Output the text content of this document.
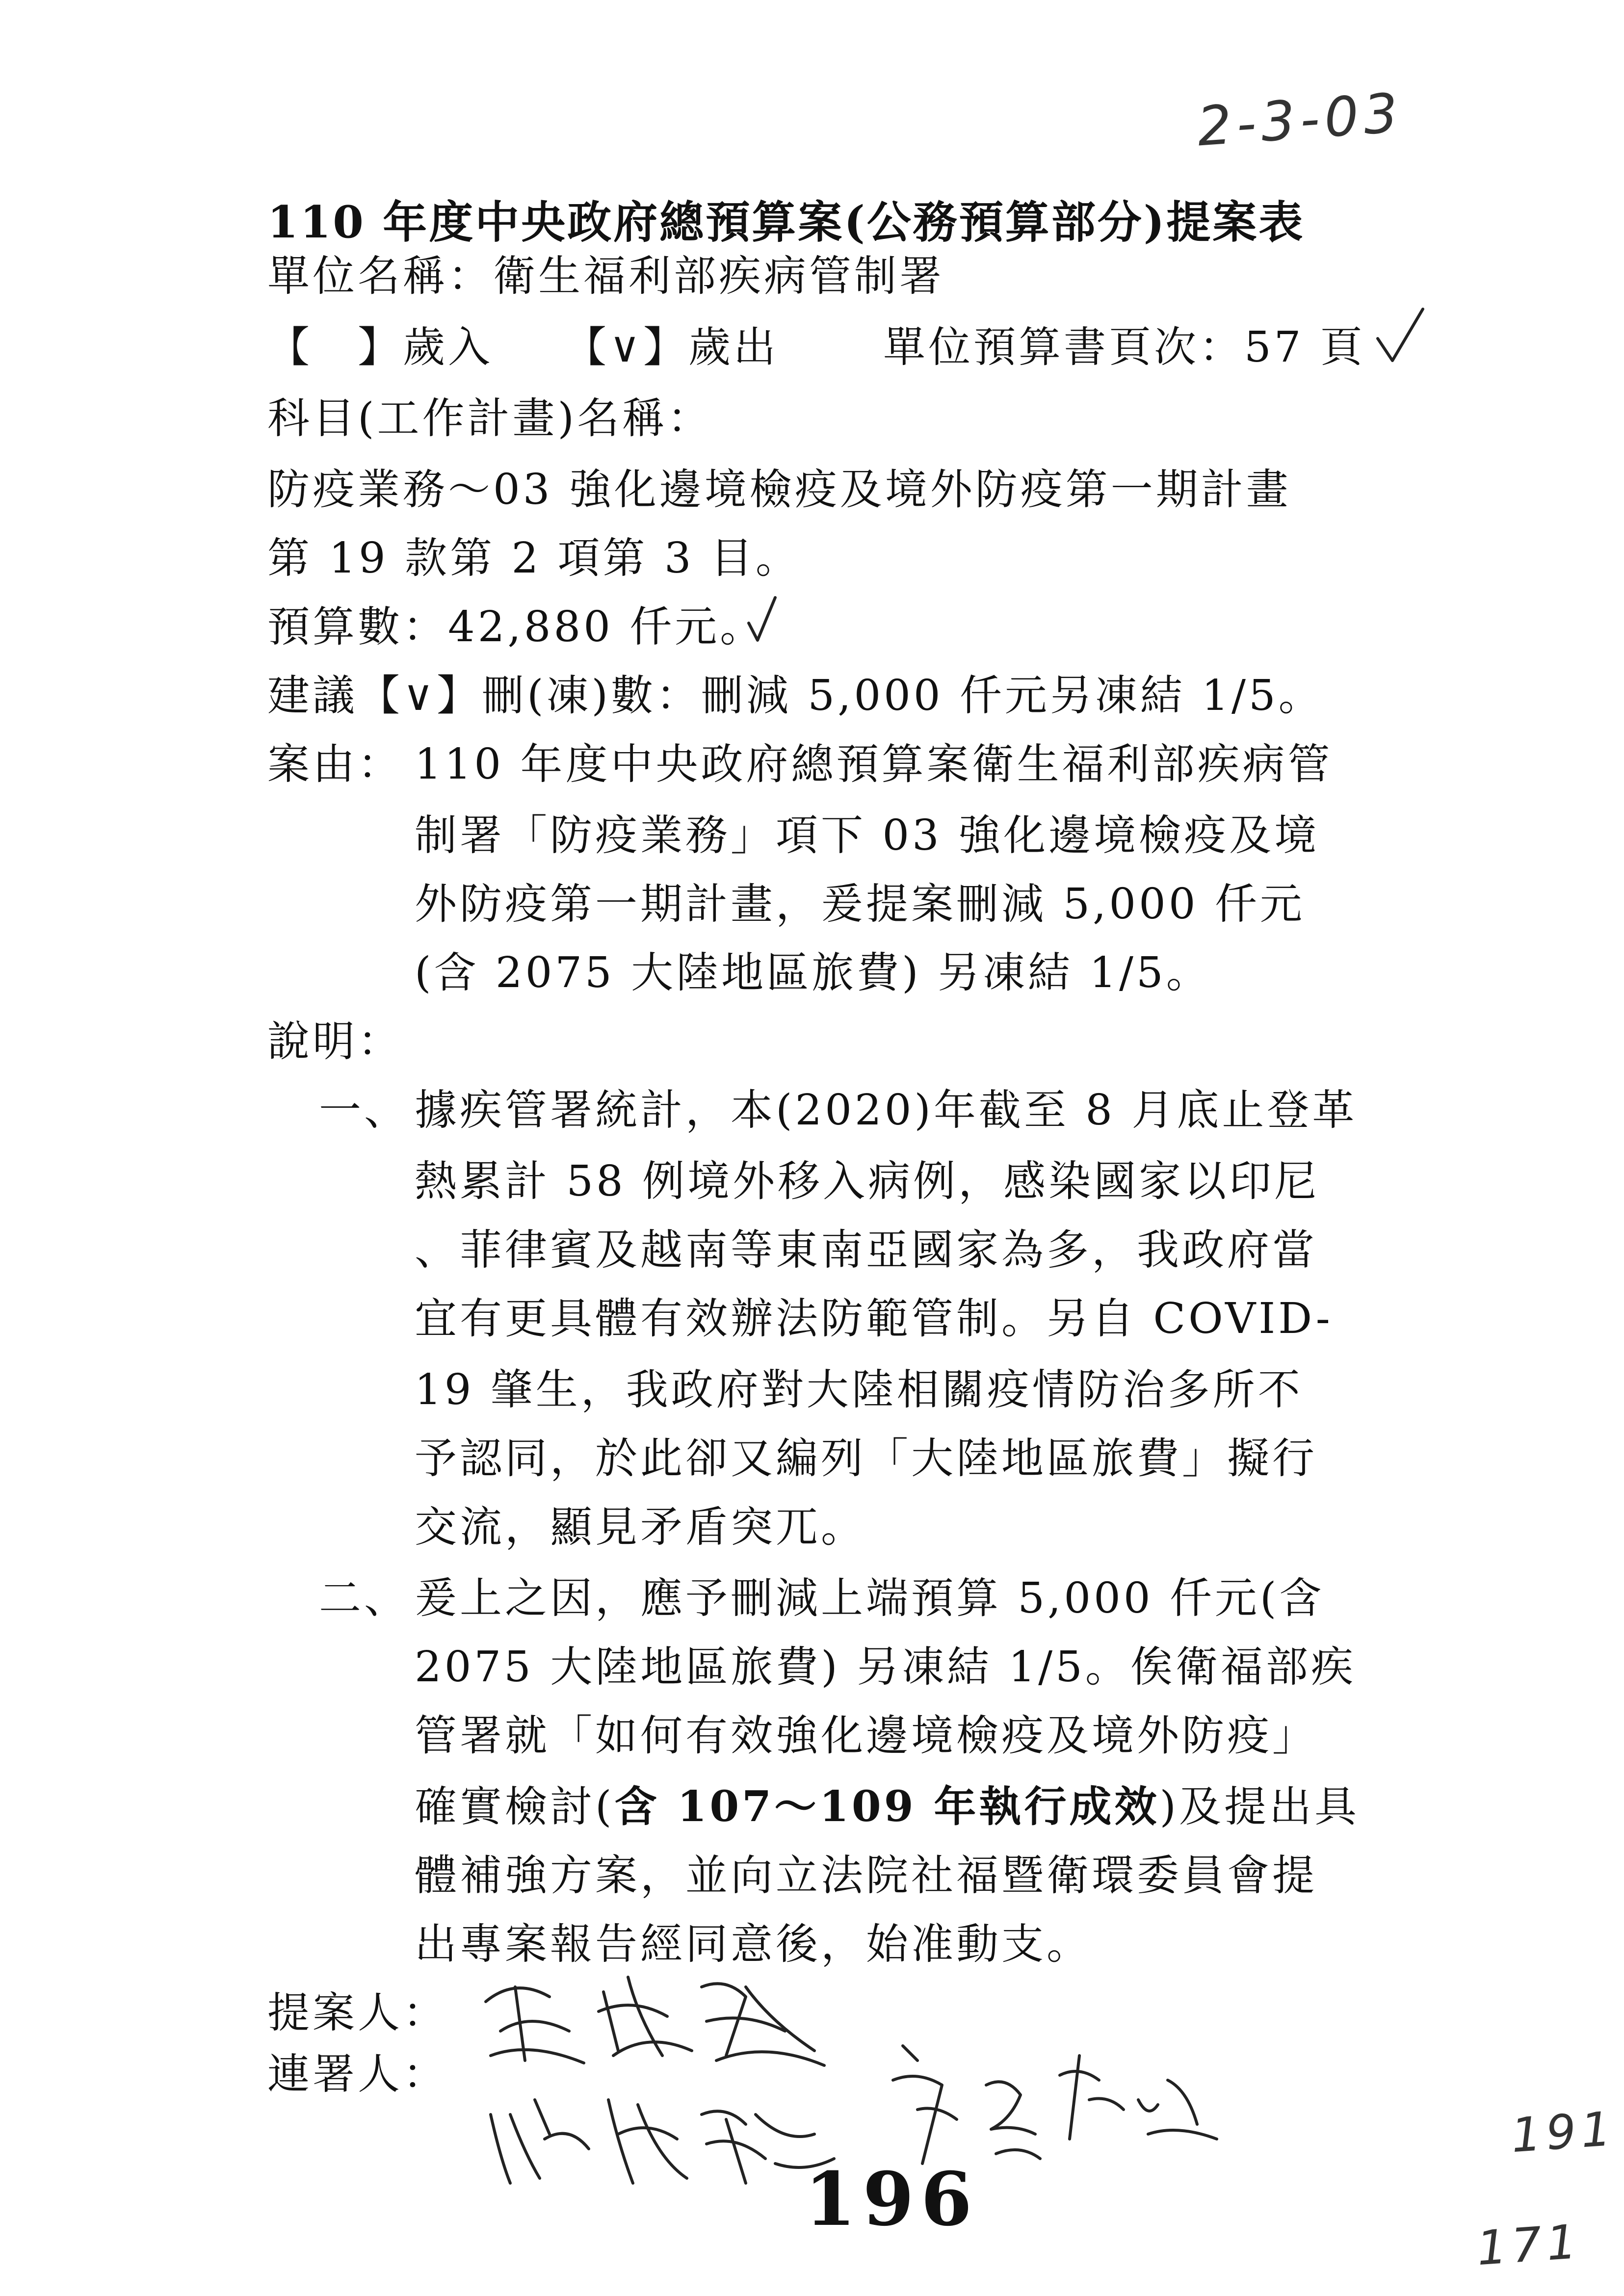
2-3-03
110 年度中央政府總預算案(公務預算部分)提案表
單位名稱：衛生福利部疾病管制署
【　】歲入 【∨】歲出 單位預算書頁次：57 頁
科目(工作計畫)名稱：
防疫業務～03 強化邊境檢疫及境外防疫第一期計畫
第 19 款第 2 項第 3 目。
預算數：42,880 仟元。
建議【∨】刪(凍)數：刪減 5,000 仟元另凍結 1/5。
案由： 110 年度中央政府總預算案衛生福利部疾病管
制署「防疫業務」項下 03 強化邊境檢疫及境
外防疫第一期計畫，爰提案刪減 5,000 仟元
(含 2075 大陸地區旅費) 另凍結 1/5。
說明：
一、 據疾管署統計，本(2020)年截至 8 月底止登革
熱累計 58 例境外移入病例，感染國家以印尼
、菲律賓及越南等東南亞國家為多，我政府當
宜有更具體有效辦法防範管制。另自 COVID-
19 肇生，我政府對大陸相關疫情防治多所不
予認同，於此卻又編列「大陸地區旅費」擬行
交流，顯見矛盾突兀。
二、 爰上之因，應予刪減上端預算 5,000 仟元(含
2075 大陸地區旅費) 另凍結 1/5。俟衛福部疾
管署就「如何有效強化邊境檢疫及境外防疫」
確實檢討(含 107～109 年執行成效)及提出具
體補強方案，並向立法院社福暨衛環委員會提
出專案報告經同意後，始准動支。
提案人：
連署人：
191
171
196
